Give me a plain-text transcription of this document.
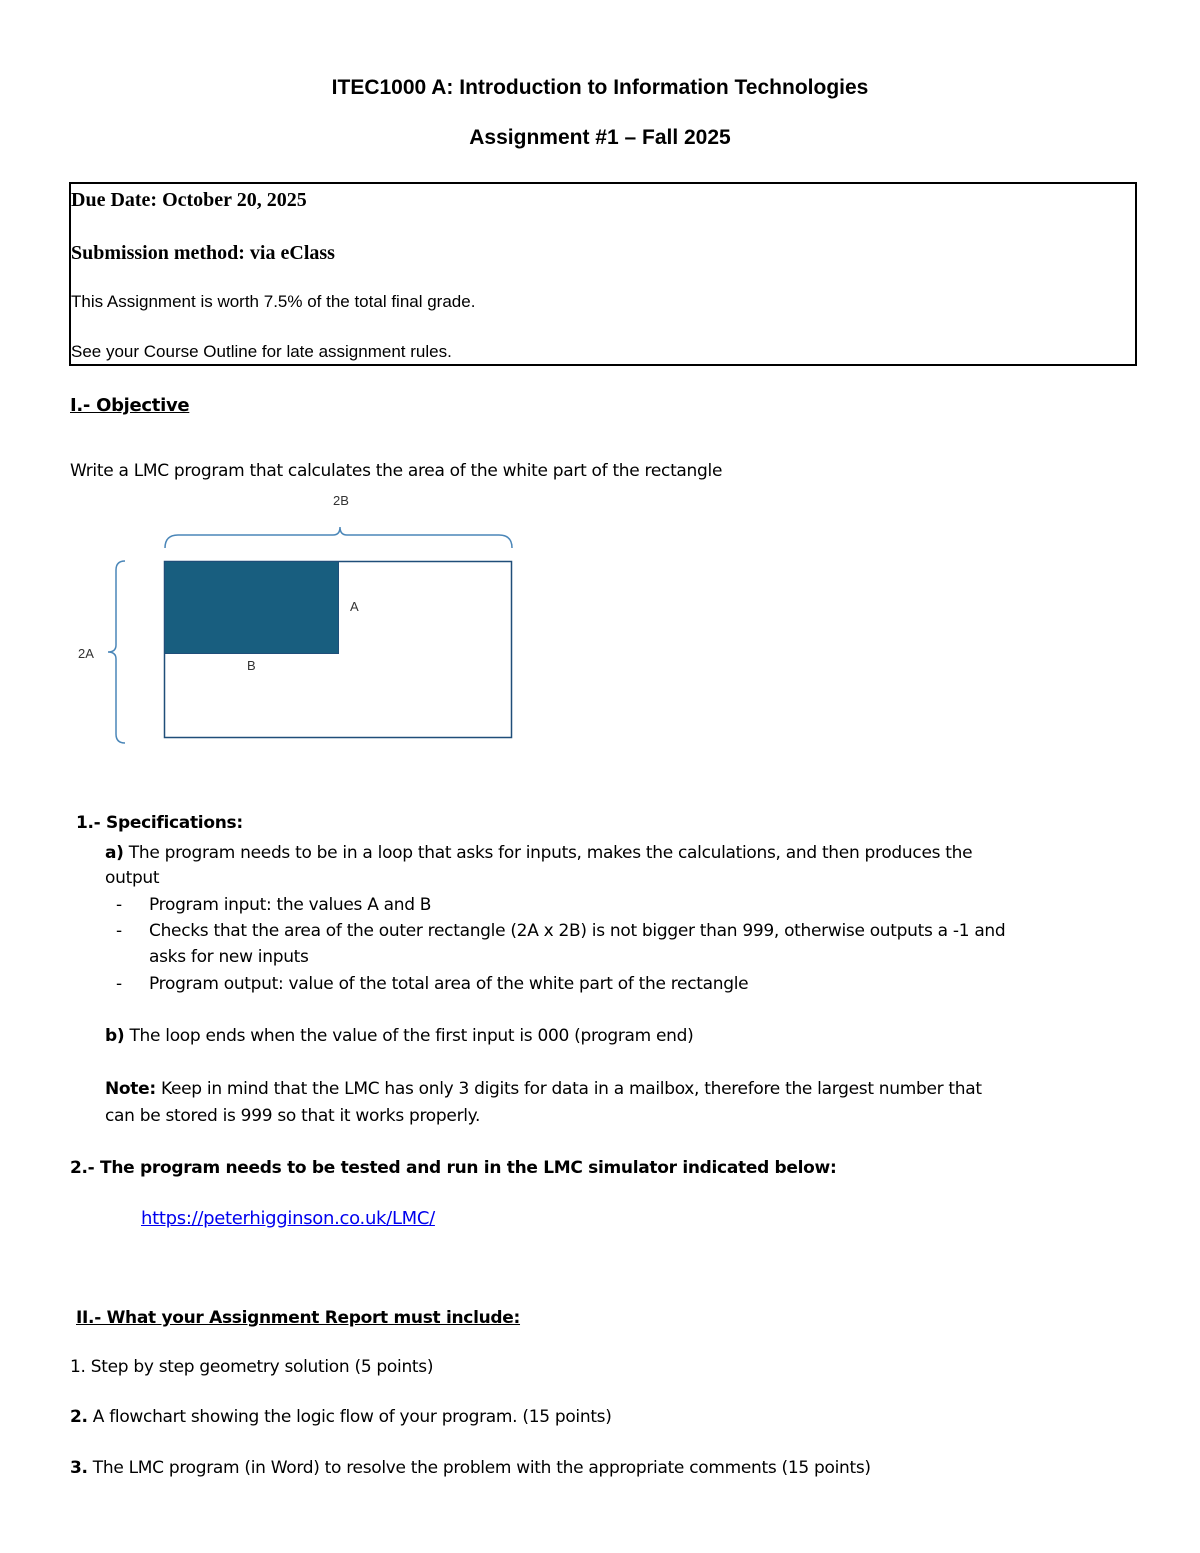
ITEC1000 A: Introduction to Information Technologies
Assignment #1 – Fall 2025
Due Date: October 20, 2025
Submission method: via eClass
This Assignment is worth 7.5% of the total final grade.
See your Course Outline for late assignment rules.
I.- Objective
Write a LMC program that calculates the area of the white part of the rectangle
2B
2A
A
B
1.- Specifications:
a) The program needs to be in a loop that asks for inputs, makes the calculations, and then produces the
output
- Program input: the values A and B
- Checks that the area of the outer rectangle (2A x 2B) is not bigger than 999, otherwise outputs a -1 and
asks for new inputs
- Program output: value of the total area of the white part of the rectangle
b) The loop ends when the value of the first input is 000 (program end)
Note: Keep in mind that the LMC has only 3 digits for data in a mailbox, therefore the largest number that
can be stored is 999 so that it works properly.
2.- The program needs to be tested and run in the LMC simulator indicated below:
https://peterhigginson.co.uk/LMC/
II.- What your Assignment Report must include:
1. Step by step geometry solution (5 points)
2. A flowchart showing the logic flow of your program. (15 points)
3. The LMC program (in Word) to resolve the problem with the appropriate comments (15 points)
